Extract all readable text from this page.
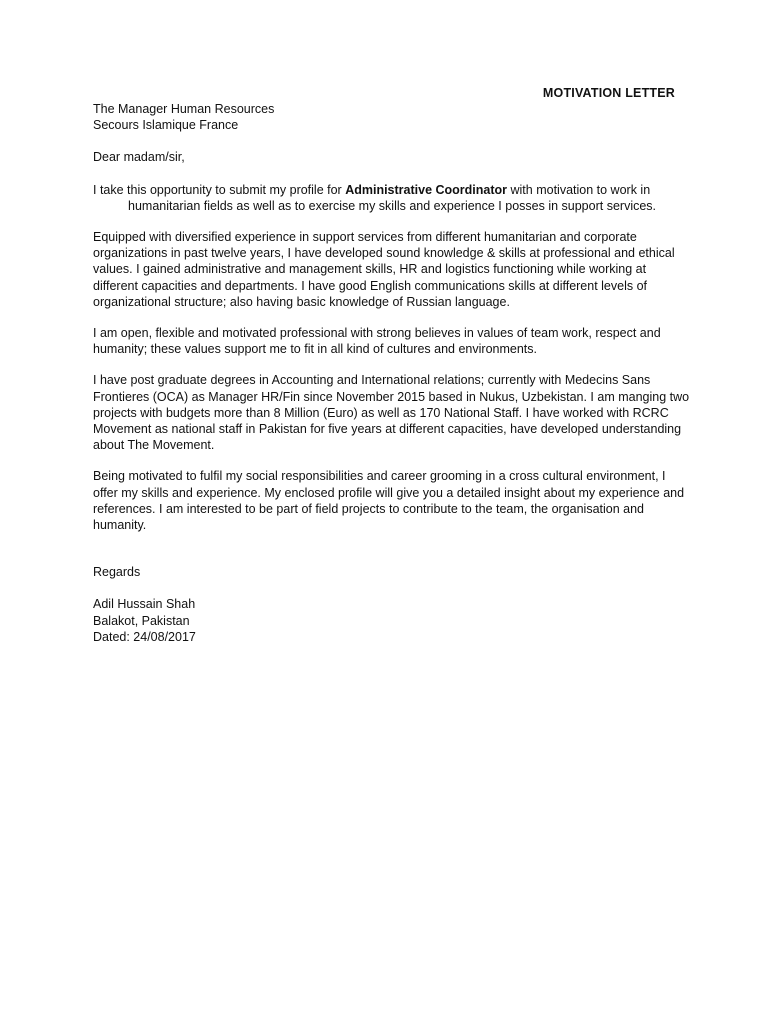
MOTIVATION LETTER

The Manager Human Resources

Secours Islamique France

Dear madam/sir,

I take this opportunity to submit my profile for Administrative Coordinator with motivation to work in humanitarian fields as well as to exercise my skills and experience I posses in support services.

Equipped with diversified experience in support services from different humanitarian and corporate organizations in past twelve years, I have developed sound knowledge & skills at professional and ethical values. I gained administrative and management skills, HR and logistics functioning while working at different capacities and departments. I have good English communications skills at different levels of organizational structure; also having basic knowledge of Russian language.

I am open, flexible and motivated professional with strong believes in values of team work, respect and humanity; these values support me to fit in all kind of cultures and environments.

I have post graduate degrees in Accounting and International relations; currently with Medecins Sans Frontieres (OCA) as Manager HR/Fin since November 2015 based in Nukus, Uzbekistan. I am manging two projects with budgets more than 8 Million (Euro) as well as 170 National Staff. I have worked with RCRC Movement as national staff in Pakistan for five years at different capacities, have developed understanding about The Movement.

Being motivated to fulfil my social responsibilities and career grooming in a cross cultural environment, I offer my skills and experience. My enclosed profile will give you a detailed insight about my experience and references. I am interested to be part of field projects to contribute to the team, the organisation and humanity.

Regards

Adil Hussain Shah

Balakot, Pakistan

Dated: 24/08/2017
